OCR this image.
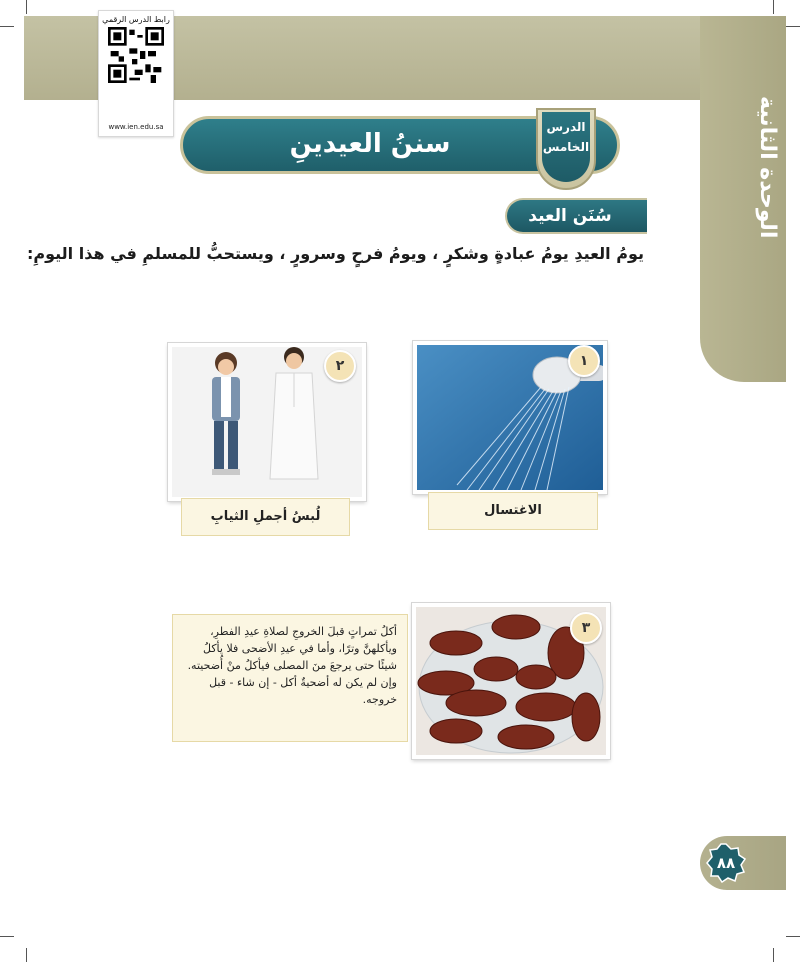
الوحدة الثانية
رابط الدرس الرقمي
www.ien.edu.sa
سننُ العيدينِ
الدرس
الخامس
سُنَن العيد
يومُ العيدِ يومُ عبادةٍ وشكرٍ ، ويومُ فرحٍ وسرورٍ ، ويستحبُّ للمسلمِ في هذا اليومِ:
١
الاغتسال
٢
لُبسُ أجملِ الثيابِ
٣
أكلُ تمراتٍ قبلَ الخروجِ لصلاةِ عيدِ الفطرِ،
ويأكلهنَّ وترًا، وأما في عيدِ الأضحى فلا يأكلُ
شيئًا حتى يرجعَ منَ المصلى فيأكلُ منْ أُضحيته.
وإن لم يكن له أضحيةٌ أكل - إن شاء - قبل
خروجه.
٨٨
